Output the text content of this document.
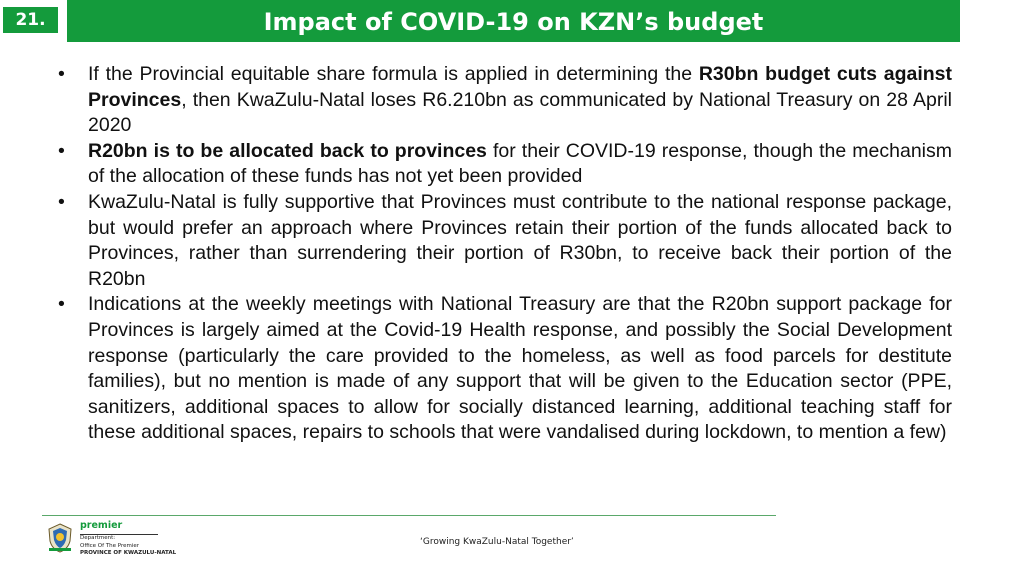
21.	Impact of COVID-19 on KZN’s budget
• If the Provincial equitable share formula is applied in determining the R30bn budget cuts against Provinces, then KwaZulu-Natal loses R6.210bn as communicated by National Treasury on 28 April 2020
• R20bn is to be allocated back to provinces for their COVID-19 response, though the mechanism of the allocation of these funds has not yet been provided
• KwaZulu-Natal is fully supportive that Provinces must contribute to the national response package, but would prefer an approach where Provinces retain their portion of the funds allocated back to Provinces, rather than surrendering their portion of R30bn, to receive back their portion of the R20bn
• Indications at the weekly meetings with National Treasury are that the R20bn support package for Provinces is largely aimed at the Covid-19 Health response, and possibly the Social Development response (particularly the care provided to the homeless, as well as food parcels for destitute families), but no mention is made of any support that will be given to the Education sector (PPE, sanitizers, additional spaces to allow for socially distanced learning, additional teaching staff for these additional spaces, repairs to schools that were vandalised during lockdown, to mention a few)
premier
Department:
Office Of The Premier
PROVINCE OF KWAZULU-NATAL
‘Growing KwaZulu-Natal Together’
